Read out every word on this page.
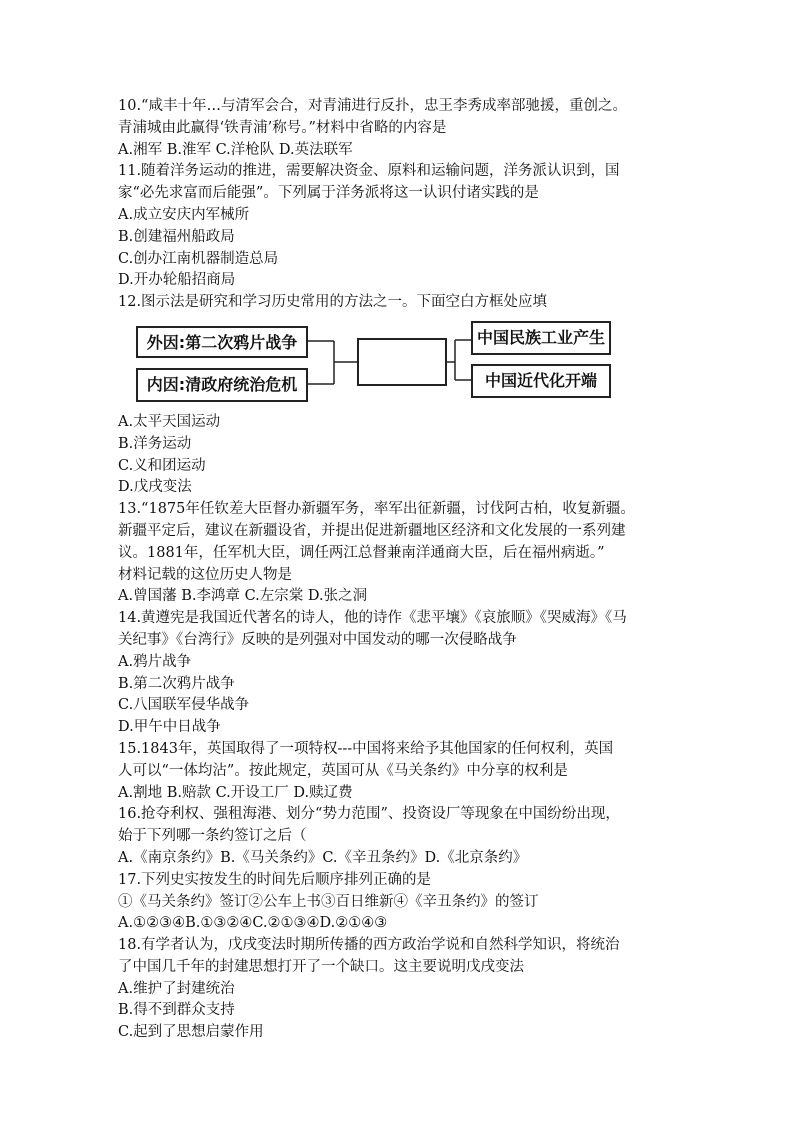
10.“咸丰十年…与清军会合，对青浦进行反扑，忠王李秀成率部驰援，重创之。
青浦城由此赢得‘铁青浦’称号。”材料中省略的内容是
A.湘军 B.淮军 C.洋枪队 D.英法联军
11.随着洋务运动的推进，需要解决资金、原料和运输问题，洋务派认识到，国
家“必先求富而后能强”。下列属于洋务派将这一认识付诸实践的是
A.成立安庆内军械所
B.创建福州船政局
C.创办江南机器制造总局
D.开办轮船招商局
12.图示法是研究和学习历史常用的方法之一。下面空白方框处应填
外因:第二次鸦片战争
内因:清政府统治危机
中国民族工业产生
中国近代化开端
A.太平天国运动
B.洋务运动
C.义和团运动
D.戊戌变法
13.“1875年任钦差大臣督办新疆军务，率军出征新疆，讨伐阿古柏，收复新疆。
新疆平定后，建议在新疆设省，并提出促进新疆地区经济和文化发展的一系列建
议。1881年，任军机大臣，调任两江总督兼南洋通商大臣，后在福州病逝。”
材料记载的这位历史人物是
A.曾国藩 B.李鸿章 C.左宗棠 D.张之洞
14.黄遵宪是我国近代著名的诗人，他的诗作《悲平壤》《哀旅顺》《哭威海》《马
关纪事》《台湾行》反映的是列强对中国发动的哪一次侵略战争
A.鸦片战争
B.第二次鸦片战争
C.八国联军侵华战争
D.甲午中日战争
15.1843年，英国取得了一项特权---中国将来给予其他国家的任何权利，英国
人可以“一体均沾”。按此规定，英国可从《马关条约》中分享的权利是
A.割地 B.赔款 C.开设工厂 D.赎辽费
16.抢夺利权、强租海港、划分“势力范围”、投资设厂等现象在中国纷纷出现，
始于下列哪一条约签订之后（
A.《南京条约》B.《马关条约》C.《辛丑条约》D.《北京条约》
17.下列史实按发生的时间先后顺序排列正确的是
①《马关条约》签订②公车上书③百日维新④《辛丑条约》的签订
A.①②③④B.①③②④C.②①③④D.②①④③
18.有学者认为，戊戌变法时期所传播的西方政治学说和自然科学知识，将统治
了中国几千年的封建思想打开了一个缺口。这主要说明戊戌变法
A.维护了封建统治
B.得不到群众支持
C.起到了思想启蒙作用
